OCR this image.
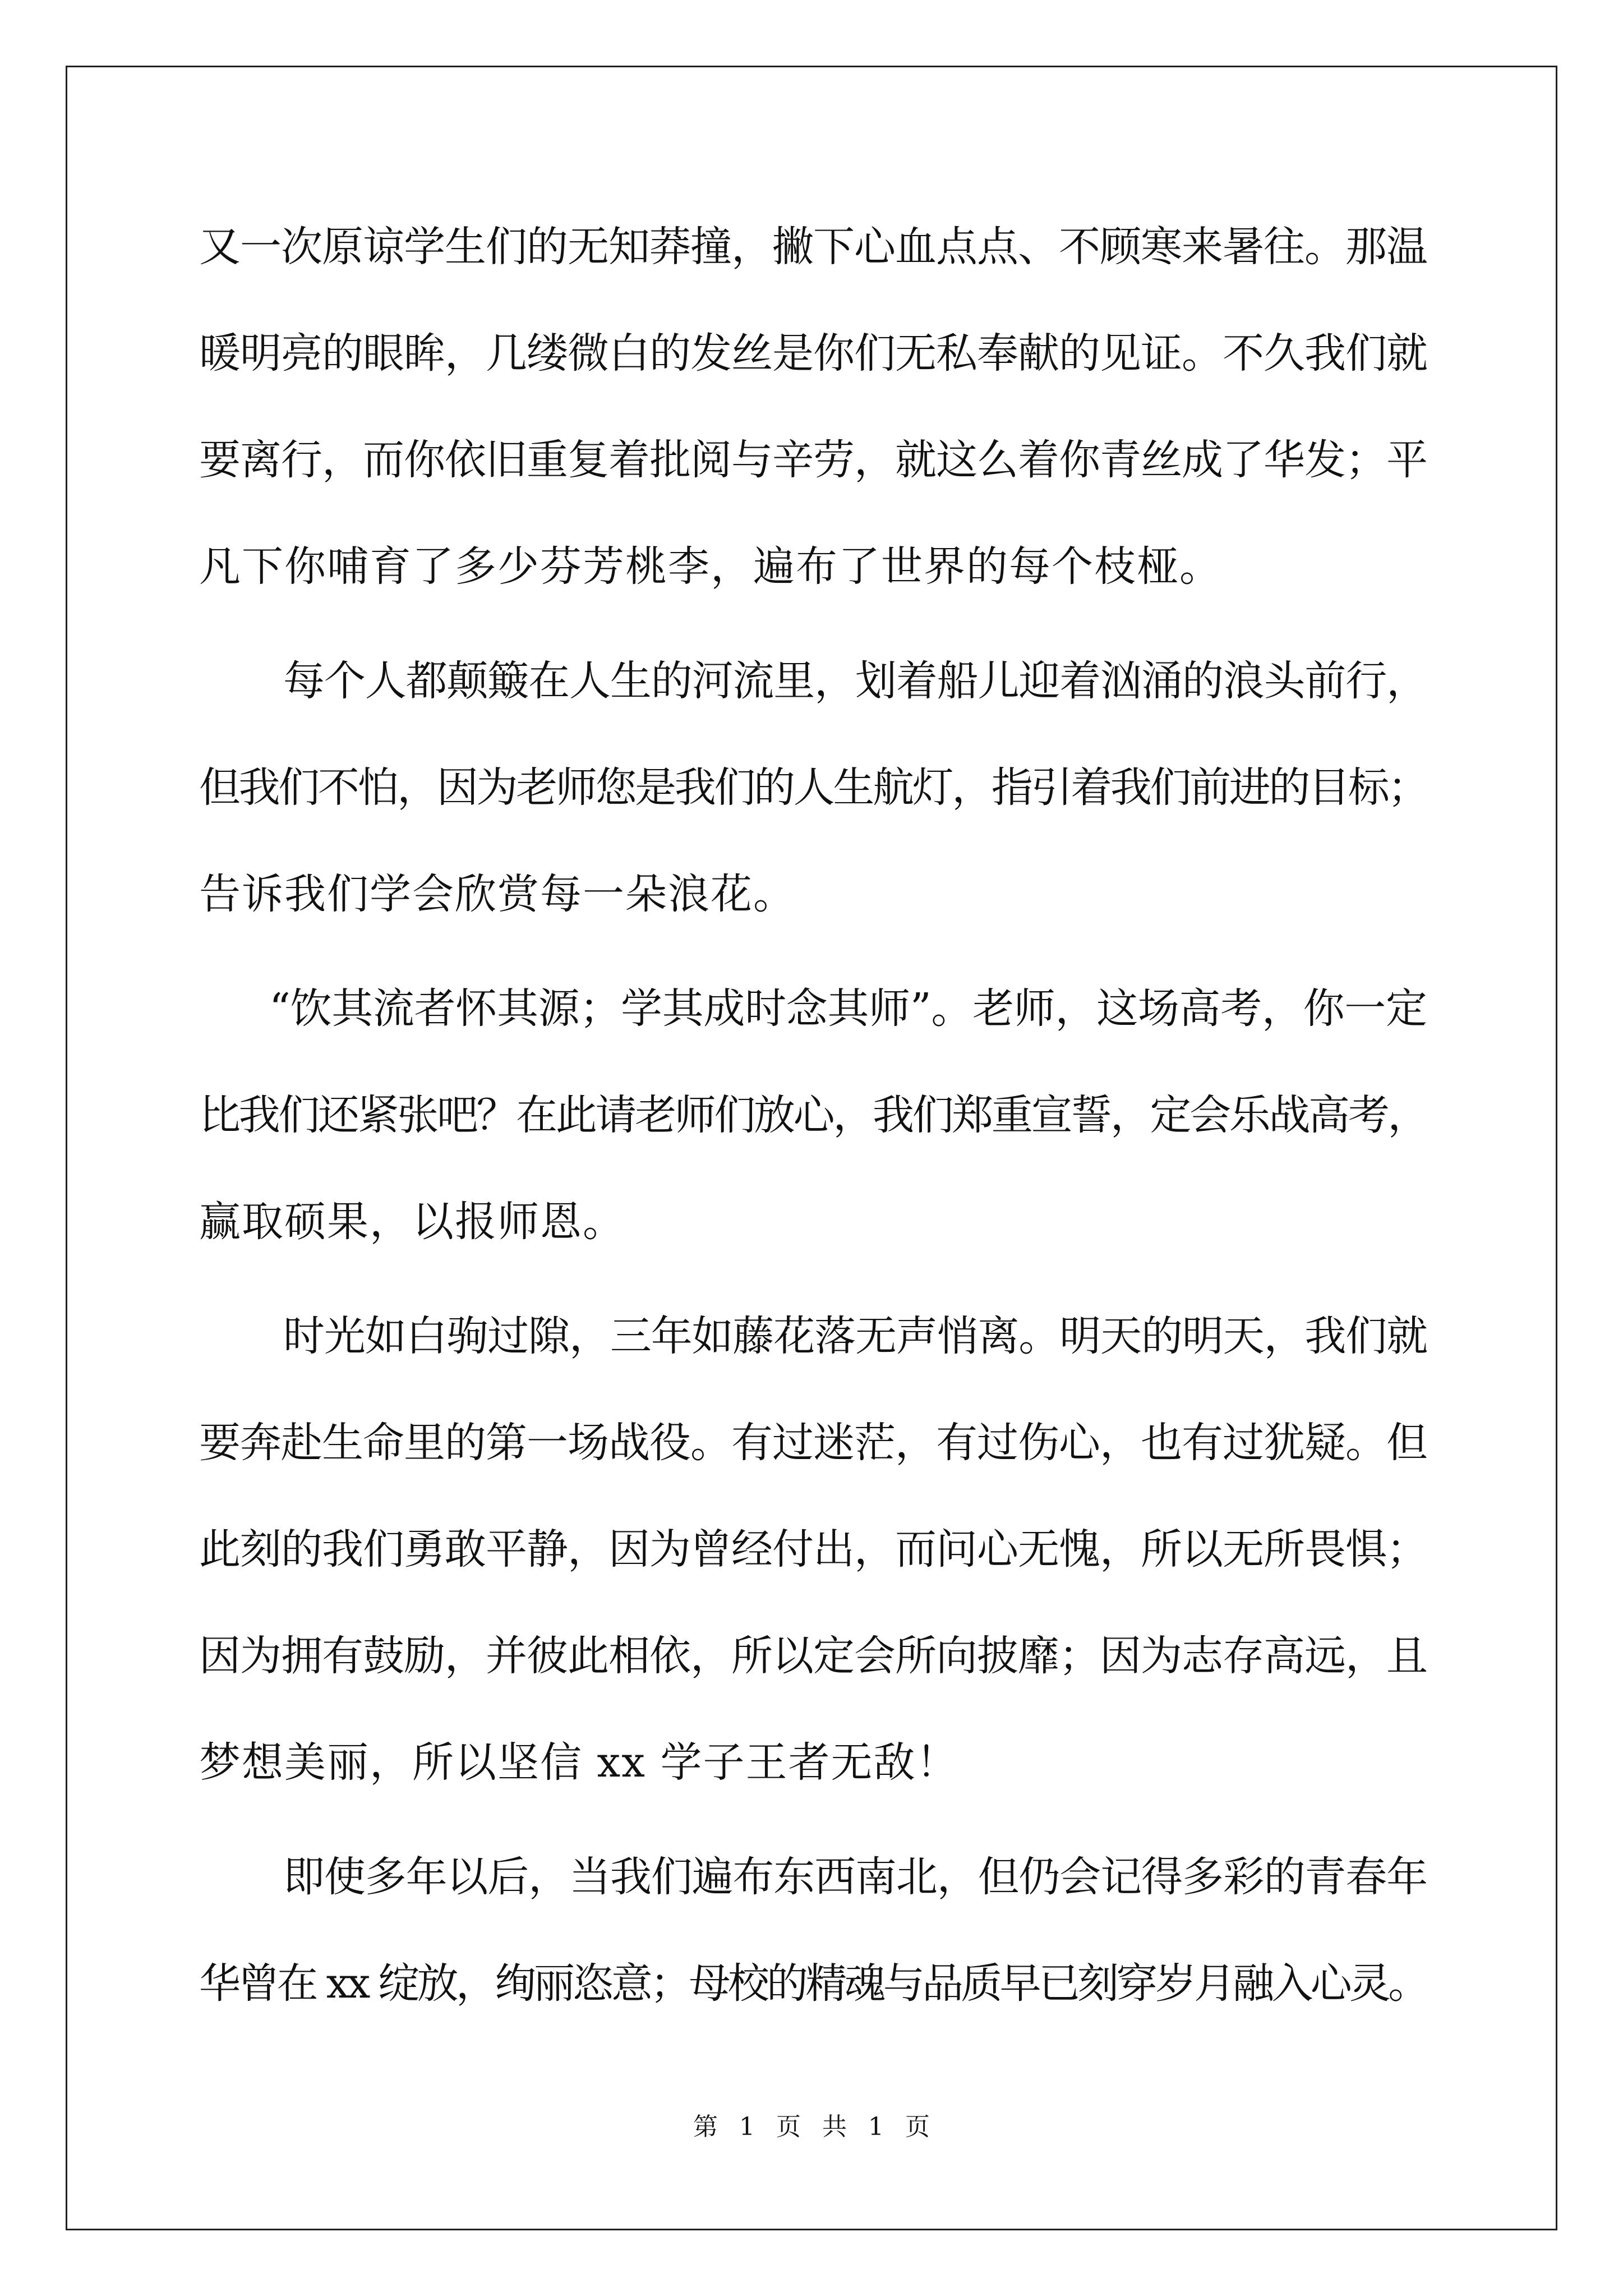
又一次原谅学生们的无知莽撞，撇下心血点点、不顾寒来暑往。那温
暖明亮的眼眸，几缕微白的发丝是你们无私奉献的见证。不久我们就
要离行，而你依旧重复着批阅与辛劳，就这么着你青丝成了华发；平
凡下你哺育了多少芬芳桃李，遍布了世界的每个枝桠。
每个人都颠簸在人生的河流里，划着船儿迎着汹涌的浪头前行，
但我们不怕，因为老师您是我们的人生航灯，指引着我们前进的目标；
告诉我们学会欣赏每一朵浪花。
“饮其流者怀其源；学其成时念其师”。老师，这场高考，你一定
比我们还紧张吧？在此请老师们放心，我们郑重宣誓，定会乐战高考，
赢取硕果，以报师恩。
时光如白驹过隙，三年如藤花落无声悄离。明天的明天，我们就
要奔赴生命里的第一场战役。有过迷茫，有过伤心，也有过犹疑。但
此刻的我们勇敢平静，因为曾经付出，而问心无愧，所以无所畏惧；
因为拥有鼓励，并彼此相依，所以定会所向披靡；因为志存高远，且
梦想美丽，所以坚信 xx 学子王者无敌！
即使多年以后，当我们遍布东西南北，但仍会记得多彩的青春年
华曾在 xx 绽放，绚丽恣意；母校的精魂与品质早已刻穿岁月融入心灵。
第 1 页 共 1 页
